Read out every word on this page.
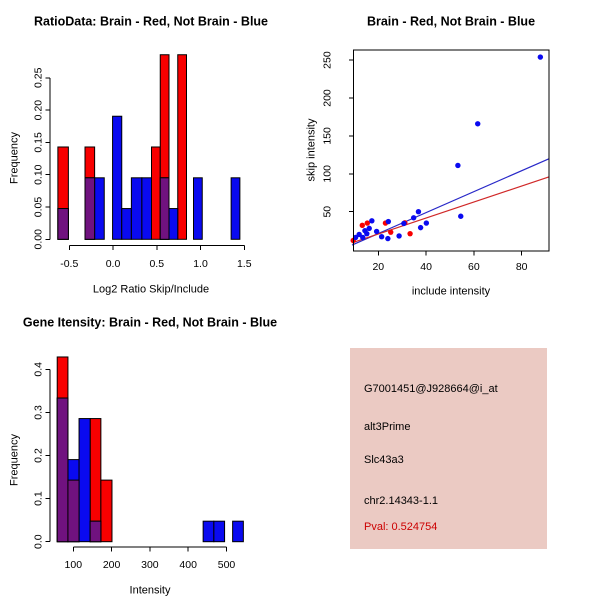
0.00
0.05
0.10
0.15
0.20
0.25
-0.5	0.0	0.5	1.0	1.5
RatioData: Brain - Red, Not Brain - Blue
Log2 Ratio Skip/Include
Frequency
20	40	60	80
50
100
150
200
250
Brain - Red, Not Brain - Blue
include intensity
skip intensity
0.0
0.1
0.2
0.3
0.4
100 200 300 400 500
Gene Itensity: Brain - Red, Not Brain - Blue
Intensity
Frequency
G7001451@J928664@i_at
alt3Prime
Slc43a3
chr2.14343-1.1
Pval: 0.524754
